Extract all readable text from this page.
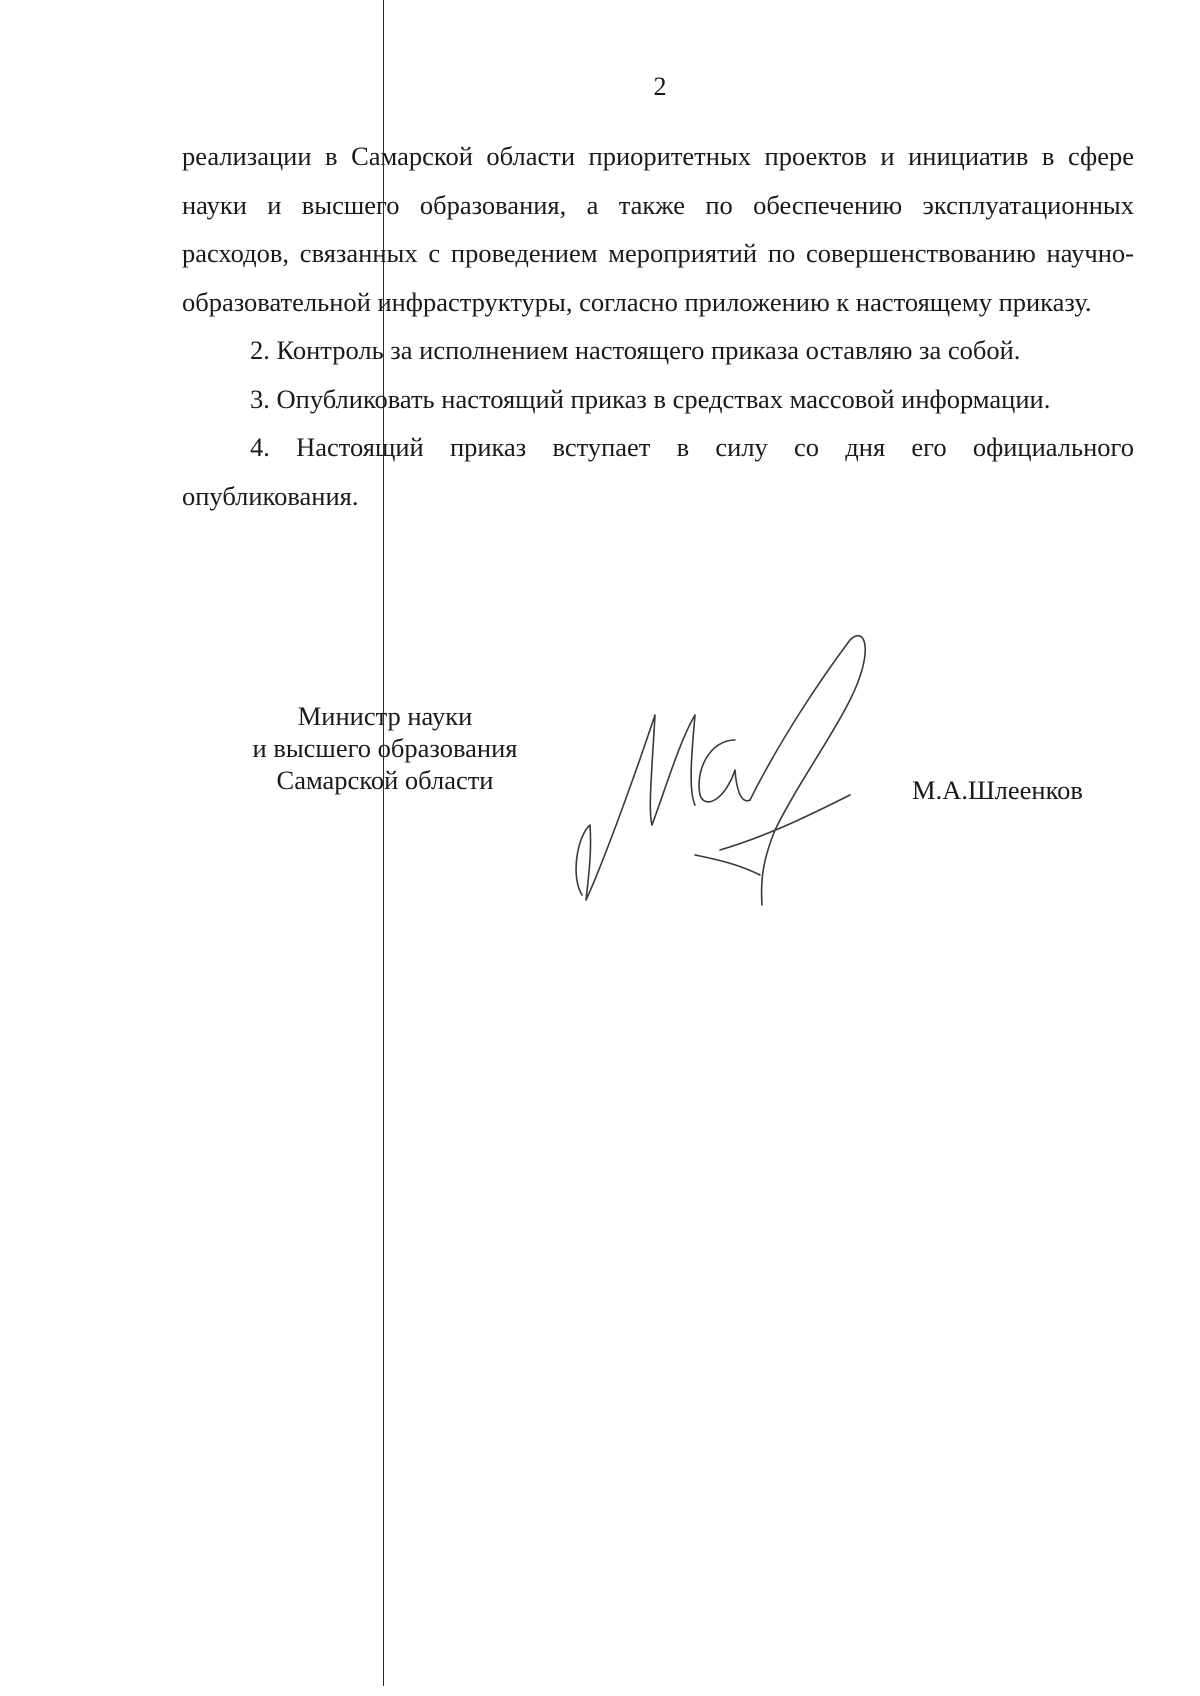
2

реализации в Самарской области приоритетных проектов и инициатив в сфере науки и высшего образования, а также по обеспечению эксплуатационных расходов, связанных с проведением мероприятий по совершенствованию научно-образовательной инфраструктуры, согласно приложению к настоящему приказу.

2. Контроль за исполнением настоящего приказа оставляю за собой.

3. Опубликовать настоящий приказ в средствах массовой информации.

4. Настоящий приказ вступает в силу со дня его официального опубликования.

Министр науки
и высшего образования
Самарской области	М.А.Шлеенков
